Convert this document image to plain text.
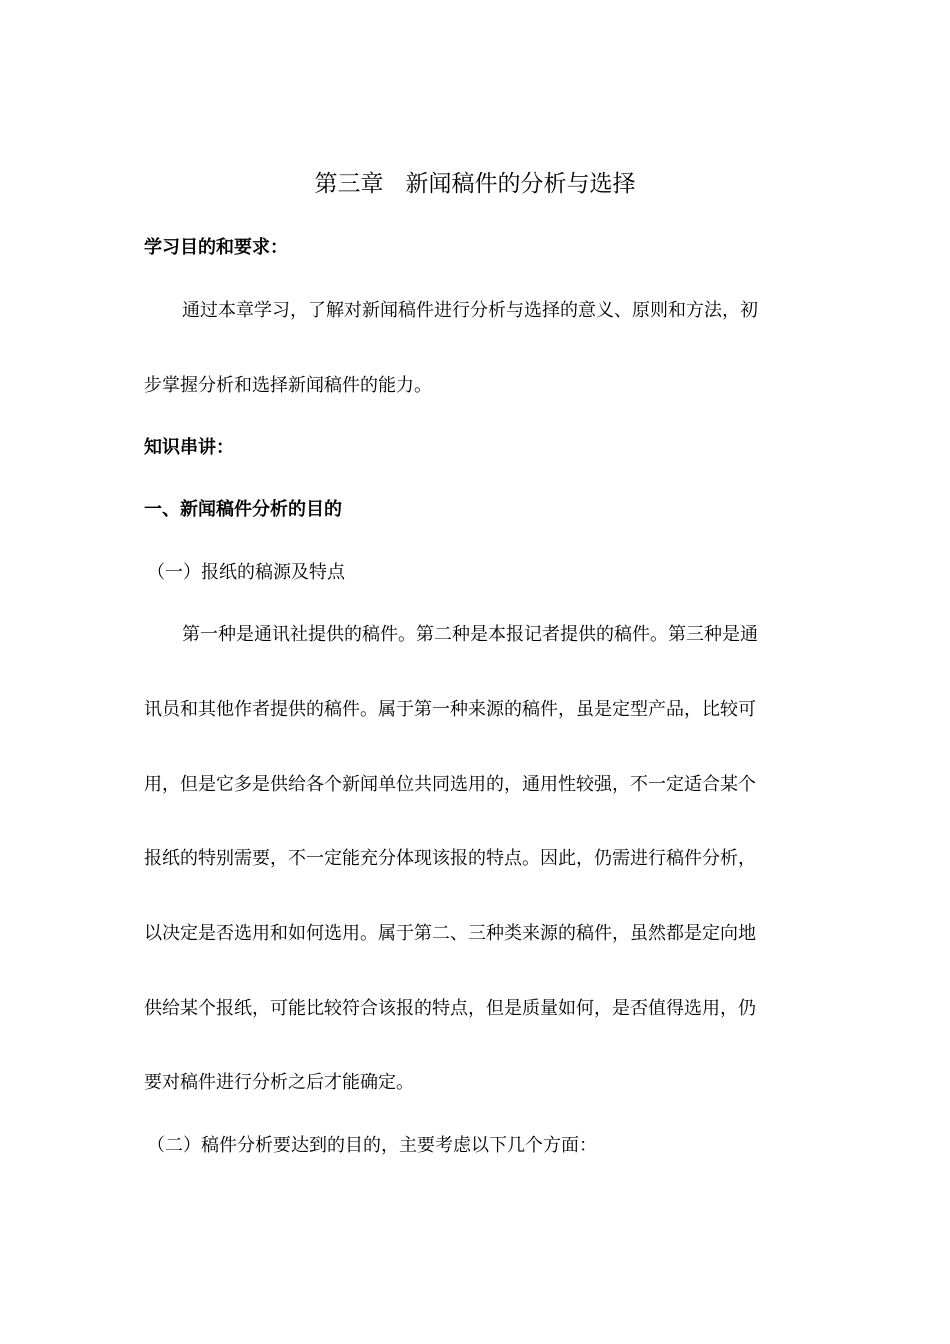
第三章   新闻稿件的分析与选择
学习目的和要求：
通过本章学习，了解对新闻稿件进行分析与选择的意义、原则和方法，初
步掌握分析和选择新闻稿件的能力。
知识串讲：
一、新闻稿件分析的目的
（一）报纸的稿源及特点
第一种是通讯社提供的稿件。第二种是本报记者提供的稿件。第三种是通
讯员和其他作者提供的稿件。属于第一种来源的稿件，虽是定型产品，比较可
用，但是它多是供给各个新闻单位共同选用的，通用性较强，不一定适合某个
报纸的特别需要，不一定能充分体现该报的特点。因此，仍需进行稿件分析，
以决定是否选用和如何选用。属于第二、三种类来源的稿件，虽然都是定向地
供给某个报纸，可能比较符合该报的特点，但是质量如何，是否值得选用，仍
要对稿件进行分析之后才能确定。
（二）稿件分析要达到的目的，主要考虑以下几个方面：
